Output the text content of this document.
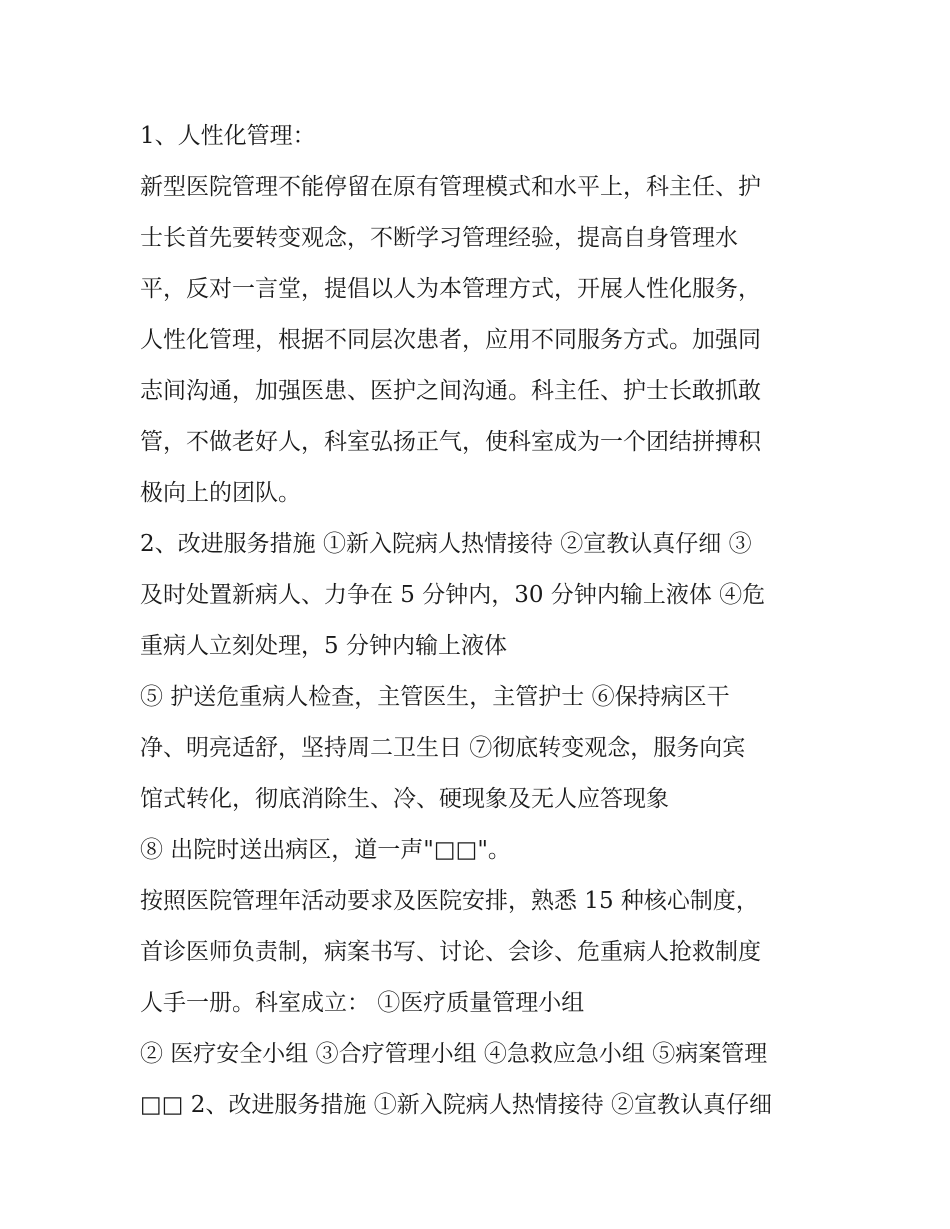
1、人性化管理：
新型医院管理不能停留在原有管理模式和水平上，科主任、护
士长首先要转变观念，不断学习管理经验，提高自身管理水
平，反对一言堂，提倡以人为本管理方式，开展人性化服务，
人性化管理，根据不同层次患者，应用不同服务方式。加强同
志间沟通，加强医患、医护之间沟通。科主任、护士长敢抓敢
管，不做老好人，科室弘扬正气，使科室成为一个团结拼搏积
极向上的团队。
2、改进服务措施 ①新入院病人热情接待 ②宣教认真仔细 ③
及时处置新病人、力争在 5 分钟内，30 分钟内输上液体 ④危
重病人立刻处理，5 分钟内输上液体
⑤ 护送危重病人检查，主管医生，主管护士 ⑥保持病区干
净、明亮适舒，坚持周二卫生日 ⑦彻底转变观念，服务向宾
馆式转化，彻底消除生、冷、硬现象及无人应答现象
⑧ 出院时送出病区，道一声"□□"。
按照医院管理年活动要求及医院安排，熟悉 15 种核心制度，
首诊医师负责制，病案书写、讨论、会诊、危重病人抢救制度
人手一册。科室成立： ①医疗质量管理小组
② 医疗安全小组 ③合疗管理小组 ④急救应急小组 ⑤病案管理
□□ 2、改进服务措施 ①新入院病人热情接待 ②宣教认真仔细
